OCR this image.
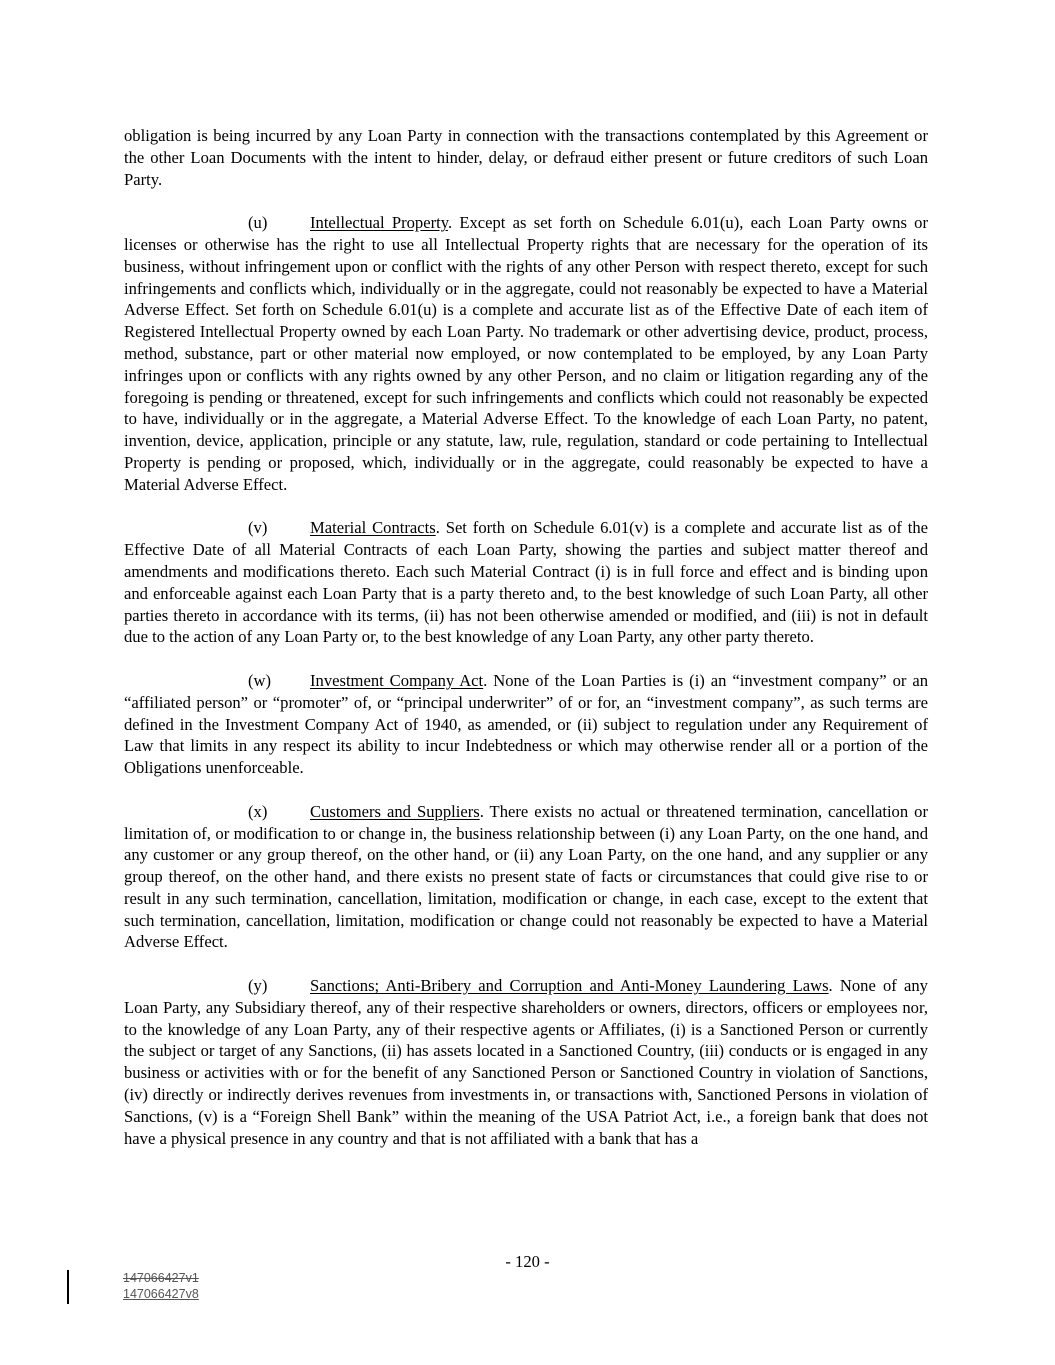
obligation is being incurred by any Loan Party in connection with the transactions contemplated by this Agreement or the other Loan Documents with the intent to hinder, delay, or defraud either present or future creditors of such Loan Party.

(u)	Intellectual Property. Except as set forth on Schedule 6.01(u), each Loan Party owns or licenses or otherwise has the right to use all Intellectual Property rights that are necessary for the operation of its business, without infringement upon or conflict with the rights of any other Person with respect thereto, except for such infringements and conflicts which, individually or in the aggregate, could not reasonably be expected to have a Material Adverse Effect. Set forth on Schedule 6.01(u) is a complete and accurate list as of the Effective Date of each item of Registered Intellectual Property owned by each Loan Party. No trademark or other advertising device, product, process, method, substance, part or other material now employed, or now contemplated to be employed, by any Loan Party infringes upon or conflicts with any rights owned by any other Person, and no claim or litigation regarding any of the foregoing is pending or threatened, except for such infringements and conflicts which could not reasonably be expected to have, individually or in the aggregate, a Material Adverse Effect. To the knowledge of each Loan Party, no patent, invention, device, application, principle or any statute, law, rule, regulation, standard or code pertaining to Intellectual Property is pending or proposed, which, individually or in the aggregate, could reasonably be expected to have a Material Adverse Effect.

(v)	Material Contracts. Set forth on Schedule 6.01(v) is a complete and accurate list as of the Effective Date of all Material Contracts of each Loan Party, showing the parties and subject matter thereof and amendments and modifications thereto. Each such Material Contract (i) is in full force and effect and is binding upon and enforceable against each Loan Party that is a party thereto and, to the best knowledge of such Loan Party, all other parties thereto in accordance with its terms, (ii) has not been otherwise amended or modified, and (iii) is not in default due to the action of any Loan Party or, to the best knowledge of any Loan Party, any other party thereto.

(w) Investment Company Act. None of the Loan Parties is (i) an “investment company” or an “affiliated person” or “promoter” of, or “principal underwriter” of or for, an “investment company”, as such terms are defined in the Investment Company Act of 1940, as amended, or (ii) subject to regulation under any Requirement of Law that limits in any respect its ability to incur Indebtedness or which may otherwise render all or a portion of the Obligations unenforceable.

(x)	Customers and Suppliers. There exists no actual or threatened termination, cancellation or limitation of, or modification to or change in, the business relationship between (i) any Loan Party, on the one hand, and any customer or any group thereof, on the other hand, or (ii) any Loan Party, on the one hand, and any supplier or any group thereof, on the other hand, and there exists no present state of facts or circumstances that could give rise to or result in any such termination, cancellation, limitation, modification or change, in each case, except to the extent that such termination, cancellation, limitation, modification or change could not reasonably be expected to have a Material Adverse Effect.

(y)	Sanctions; Anti-Bribery and Corruption and Anti-Money Laundering Laws. None of any Loan Party, any Subsidiary thereof, any of their respective shareholders or owners, directors, officers or employees nor, to the knowledge of any Loan Party, any of their respective agents or Affiliates, (i) is a Sanctioned Person or currently the subject or target of any Sanctions, (ii) has assets located in a Sanctioned Country, (iii) conducts or is engaged in any business or activities with or for the benefit of any Sanctioned Person or Sanctioned Country in violation of Sanctions, (iv) directly or indirectly derives revenues from investments in, or transactions with, Sanctioned Persons in violation of Sanctions, (v) is a “Foreign Shell Bank” within the meaning of the USA Patriot Act, i.e., a foreign bank that does not have a physical presence in any country and that is not affiliated with a bank that has a

- 120 -
147066427v1
147066427v8
